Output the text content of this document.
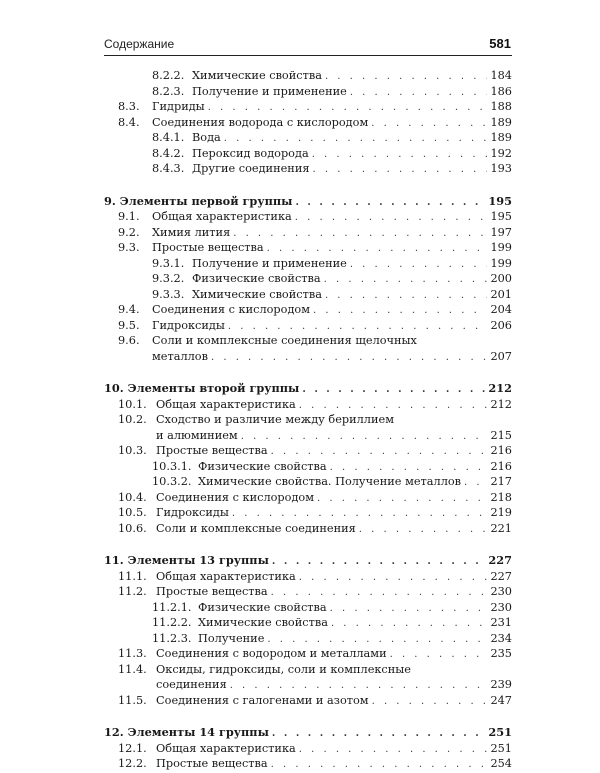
Содержание	581
8.2.2. Химические свойства . . .	184
8.2.3. Получение и применение . . .	186
8.3.	Гидриды . . .	188
8.4.	Соединения водорода с кислородом . . .	189
8.4.1. Вода . . .	189
8.4.2. Пероксид водорода . . .	192
8.4.3. Другие соединения . . .	193
9. Элементы первой группы . . .	195
9.1.	Общая характеристика . . .	195
9.2.	Химия лития . . .	197
9.3.	Простые вещества . . .	199
9.3.1. Получение и применение . . .	199
9.3.2. Физические свойства . . .	200
9.3.3. Химические свойства . . .	201
9.4.	Соединения с кислородом . . .	204
9.5.	Гидроксиды . . .	206
9.6.	Соли и комплексные соединения щелочных
металлов . . .	207
10. Элементы второй группы . . .	212
10.1. Общая характеристика . . .	212
10.2. Сходство и различие между бериллием
и алюминием . . .	215
10.3. Простые вещества . . .	216
10.3.1. Физические свойства . . .	216
10.3.2. Химические свойства. Получение металлов . . .	217
10.4. Соединения с кислородом . . .	218
10.5. Гидроксиды . . .	219
10.6. Соли и комплексные соединения . . .	221
11. Элементы 13 группы . . .	227
11.1. Общая характеристика . . .	227
11.2. Простые вещества . . .	230
11.2.1. Физические свойства . . .	230
11.2.2. Химические свойства . . .	231
11.2.3. Получение . . .	234
11.3. Соединения с водородом и металлами . . .	235
11.4. Оксиды, гидроксиды, соли и комплексные
соединения . . .	239
11.5. Соединения с галогенами и азотом . . .	247
12. Элементы 14 группы . . .	251
12.1. Общая характеристика . . .	251
12.2. Простые вещества . . .	254
